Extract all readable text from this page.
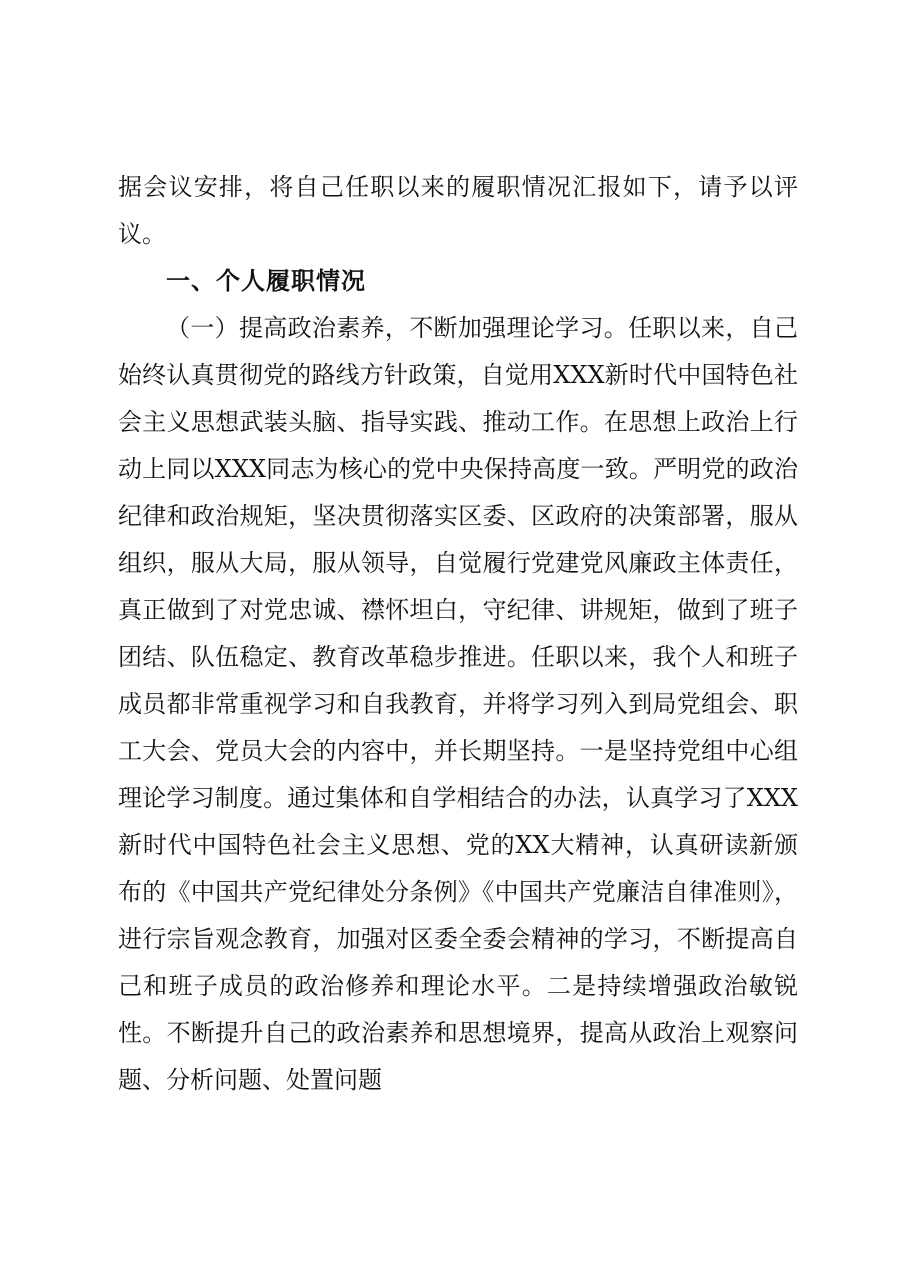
据会议安排，将自己任职以来的履职情况汇报如下，请予以评议。

一、个人履职情况

（一）提高政治素养，不断加强理论学习。任职以来，自己始终认真贯彻党的路线方针政策，自觉用XXX新时代中国特色社会主义思想武装头脑、指导实践、推动工作。在思想上政治上行动上同以XXX同志为核心的党中央保持高度一致。严明党的政治纪律和政治规矩，坚决贯彻落实区委、区政府的决策部署，服从组织，服从大局，服从领导，自觉履行党建党风廉政主体责任，真正做到了对党忠诚、襟怀坦白，守纪律、讲规矩，做到了班子团结、队伍稳定、教育改革稳步推进。任职以来，我个人和班子成员都非常重视学习和自我教育，并将学习列入到局党组会、职工大会、党员大会的内容中，并长期坚持。一是坚持党组中心组理论学习制度。通过集体和自学相结合的办法，认真学习了XXX新时代中国特色社会主义思想、党的XX大精神，认真研读新颁布的《中国共产党纪律处分条例》《中国共产党廉洁自律准则》，进行宗旨观念教育，加强对区委全委会精神的学习，不断提高自己和班子成员的政治修养和理论水平。二是持续增强政治敏锐性。不断提升自己的政治素养和思想境界，提高从政治上观察问题、分析问题、处置问题
